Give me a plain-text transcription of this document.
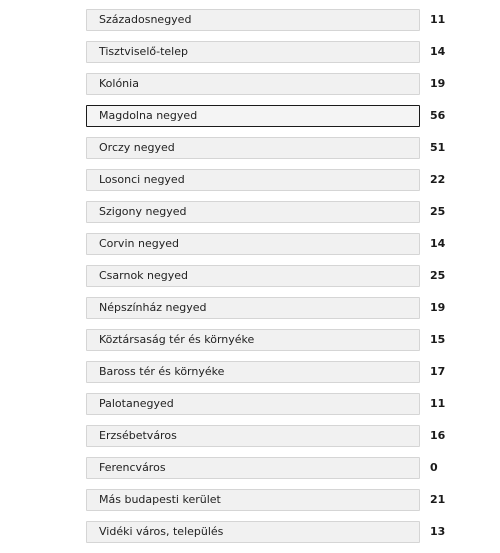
Századosnegyed	11
Tisztviselő-telep	14
Kolónia	19
Magdolna negyed	56
Orczy negyed	51
Losonci negyed	22
Szigony negyed	25
Corvin negyed	14
Csarnok negyed	25
Népszínház negyed	19
Köztársaság tér és környéke	15
Baross tér és környéke	17
Palotanegyed	11
Erzsébetváros	16
Ferencváros	0
Más budapesti kerület	21
Vidéki város, település	13
